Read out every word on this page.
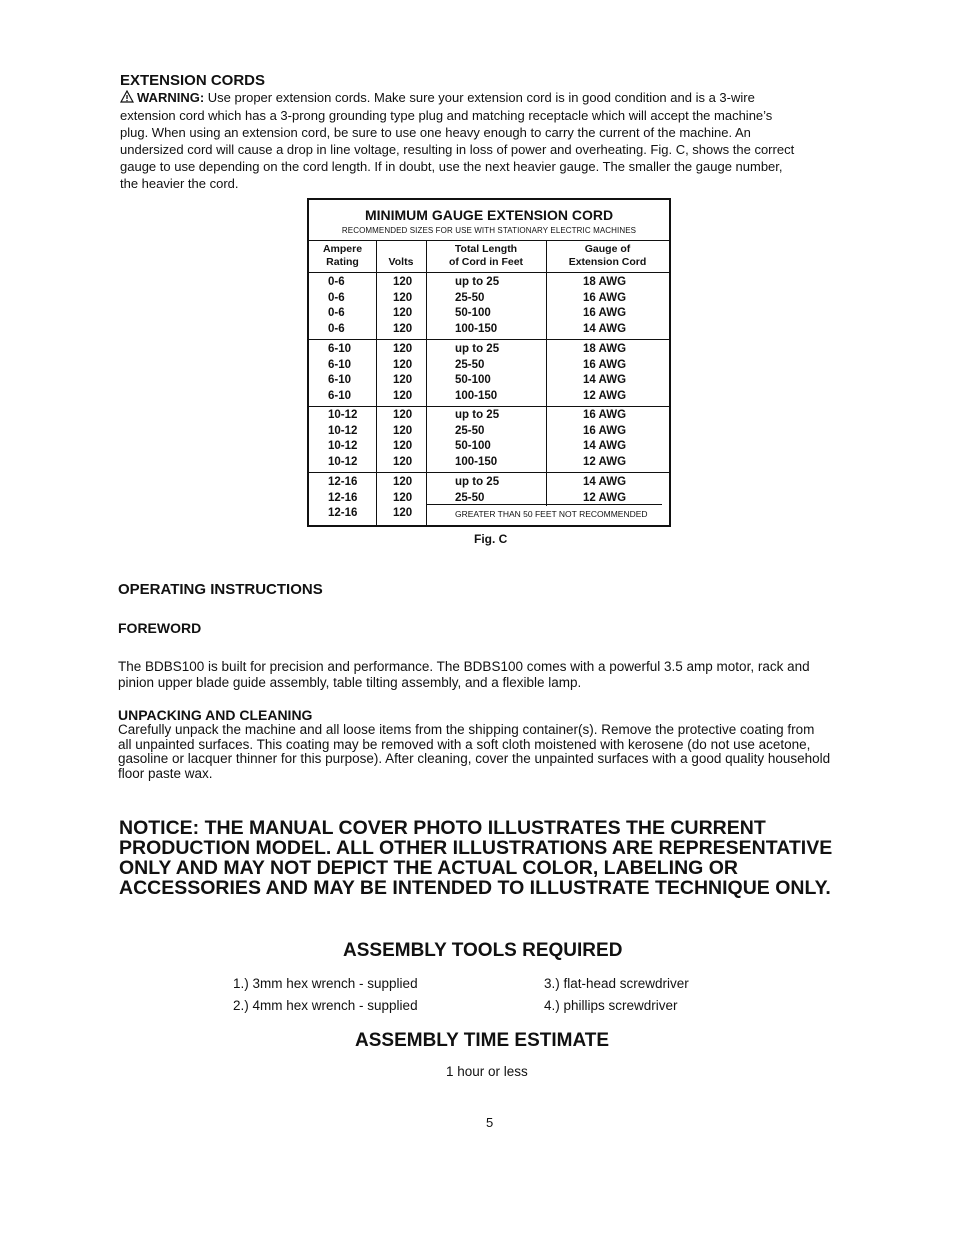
EXTENSION CORDS

WARNING: Use proper extension cords. Make sure your extension cord is in good condition and is a 3-wire
extension cord which has a 3-prong grounding type plug and matching receptacle which will accept the machine’s
plug. When using an extension cord, be sure to use one heavy enough to carry the current of the machine. An
undersized cord will cause a drop in line voltage, resulting in loss of power and overheating. Fig. C, shows the correct
gauge to use depending on the cord length. If in doubt, use the next heavier gauge. The smaller the gauge number,
the heavier the cord.

MINIMUM GAUGE EXTENSION CORD
RECOMMENDED SIZES FOR USE WITH STATIONARY ELECTRIC MACHINES
Ampere
Rating	Volts
Total Length
of Cord in Feet
Gauge of
Extension Cord
0-6
0-6
0-6
0-6
120
120
120
120
up to 25
25-50
50-100
100-150
18 AWG
16 AWG
16 AWG
14 AWG
6-10
6-10
6-10
6-10
120
120
120
120
up to 25
25-50
50-100
100-150
18 AWG
16 AWG
14 AWG
12 AWG
10-12
10-12
10-12
10-12
120
120
120
120
up to 25
25-50
50-100
100-150
16 AWG
16 AWG
14 AWG
12 AWG
12-16
12-16
12-16
120
120
120
up to 25
25-50
14 AWG
12 AWG
GREATER THAN 50 FEET NOT RECOMMENDED
Fig. C
OPERATING INSTRUCTIONS
FOREWORD

The BDBS100 is built for precision and performance. The BDBS100 comes with a powerful 3.5 amp motor, rack and
pinion upper blade guide assembly, table tilting assembly, and a flexible lamp.

UNPACKING AND CLEANING

Carefully unpack the machine and all loose items from the shipping container(s). Remove the protective coating from
all unpainted surfaces. This coating may be removed with a soft cloth moistened with kerosene (do not use acetone,
gasoline or lacquer thinner for this purpose). After cleaning, cover the unpainted surfaces with a good quality household
floor paste wax.

NOTICE: THE MANUAL COVER PHOTO ILLUSTRATES THE CURRENT
PRODUCTION MODEL. ALL OTHER ILLUSTRATIONS ARE REPRESENTATIVE
ONLY AND MAY NOT DEPICT THE ACTUAL COLOR, LABELING OR
ACCESSORIES AND MAY BE INTENDED TO ILLUSTRATE TECHNIQUE ONLY.

ASSEMBLY TOOLS REQUIRED
1.) 3mm hex wrench - supplied
2.) 4mm hex wrench - supplied
3.) flat-head screwdriver
4.) phillips screwdriver
ASSEMBLY TIME ESTIMATE
1 hour or less
5
